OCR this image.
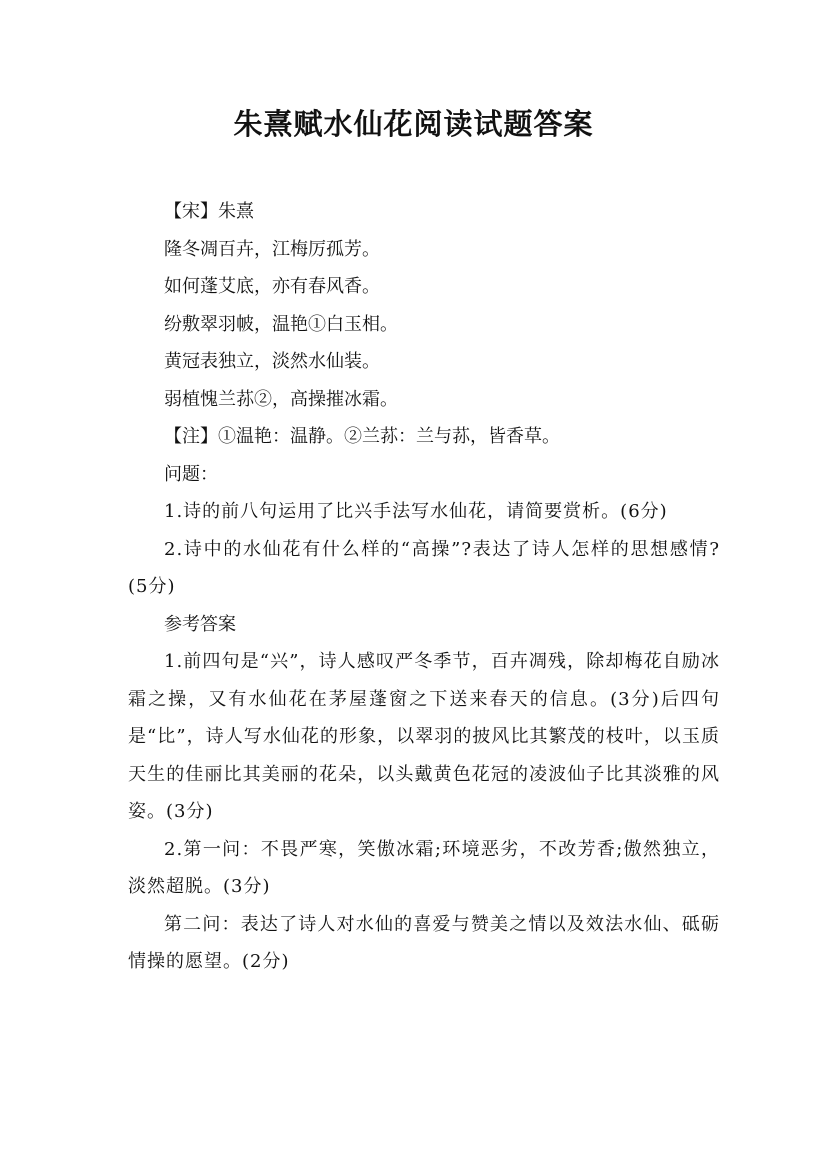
朱熹赋水仙花阅读试题答案

【宋】朱熹

隆冬凋百卉，江梅厉孤芳。

如何蓬艾底，亦有春风香。

纷敷翠羽帔，温艳①白玉相。

黄冠表独立，淡然水仙装。

弱植愧兰荪②，高操摧冰霜。

【注】①温艳：温静。②兰荪：兰与荪，皆香草。

问题：

1.诗的前八句运用了比兴手法写水仙花，请简要赏析。(6分)

2.诗中的水仙花有什么样的“高操”?表达了诗人怎样的思想感情?(5分)

参考答案

1.前四句是“兴”，诗人感叹严冬季节，百卉凋残，除却梅花自励冰霜之操，又有水仙花在茅屋蓬窗之下送来春天的信息。(3分)后四句是“比”，诗人写水仙花的形象，以翠羽的披风比其繁茂的枝叶，以玉质天生的佳丽比其美丽的花朵，以头戴黄色花冠的凌波仙子比其淡雅的风姿。(3分)

2.第一问：不畏严寒，笑傲冰霜;环境恶劣，不改芳香;傲然独立，淡然超脱。(3分)

第二问：表达了诗人对水仙的喜爱与赞美之情以及效法水仙、砥砺情操的愿望。(2分)
